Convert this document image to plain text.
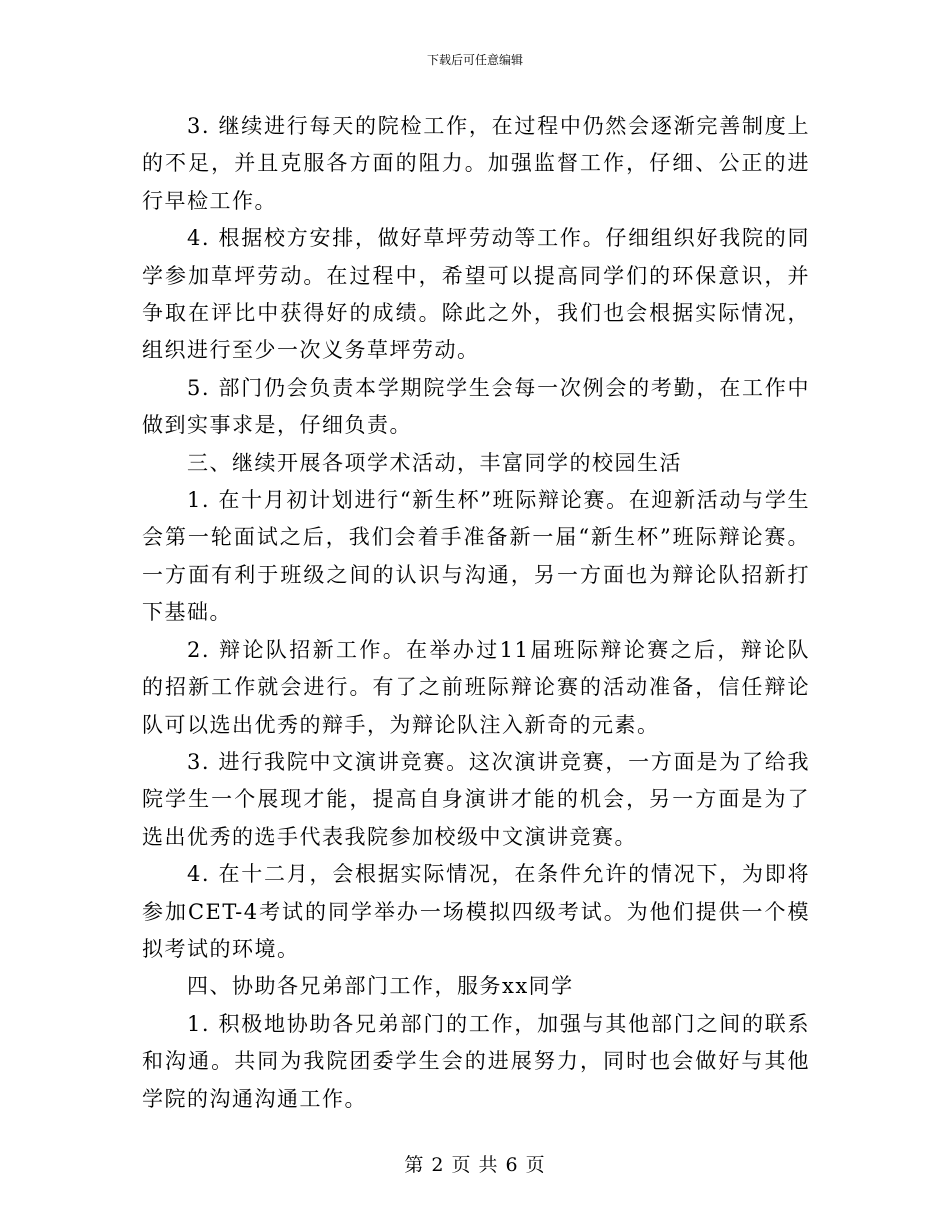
下载后可任意编辑

3. 继续进行每天的院检工作，在过程中仍然会逐渐完善制度上的不足，并且克服各方面的阻力。加强监督工作，仔细、公正的进行早检工作。

4. 根据校方安排，做好草坪劳动等工作。仔细组织好我院的同学参加草坪劳动。在过程中，希望可以提高同学们的环保意识，并争取在评比中获得好的成绩。除此之外，我们也会根据实际情况，组织进行至少一次义务草坪劳动。

5. 部门仍会负责本学期院学生会每一次例会的考勤，在工作中做到实事求是，仔细负责。

三、继续开展各项学术活动，丰富同学的校园生活

1. 在十月初计划进行“新生杯”班际辩论赛。在迎新活动与学生会第一轮面试之后，我们会着手准备新一届“新生杯”班际辩论赛。一方面有利于班级之间的认识与沟通，另一方面也为辩论队招新打下基础。

2. 辩论队招新工作。在举办过11届班际辩论赛之后，辩论队的招新工作就会进行。有了之前班际辩论赛的活动准备，信任辩论队可以选出优秀的辩手，为辩论队注入新奇的元素。

3. 进行我院中文演讲竞赛。这次演讲竞赛，一方面是为了给我院学生一个展现才能，提高自身演讲才能的机会，另一方面是为了选出优秀的选手代表我院参加校级中文演讲竞赛。

4. 在十二月，会根据实际情况，在条件允许的情况下，为即将参加CET-4考试的同学举办一场模拟四级考试。为他们提供一个模拟考试的环境。

四、协助各兄弟部门工作，服务xx同学

1. 积极地协助各兄弟部门的工作，加强与其他部门之间的联系和沟通。共同为我院团委学生会的进展努力，同时也会做好与其他学院的沟通沟通工作。

第 2 页 共 6 页
